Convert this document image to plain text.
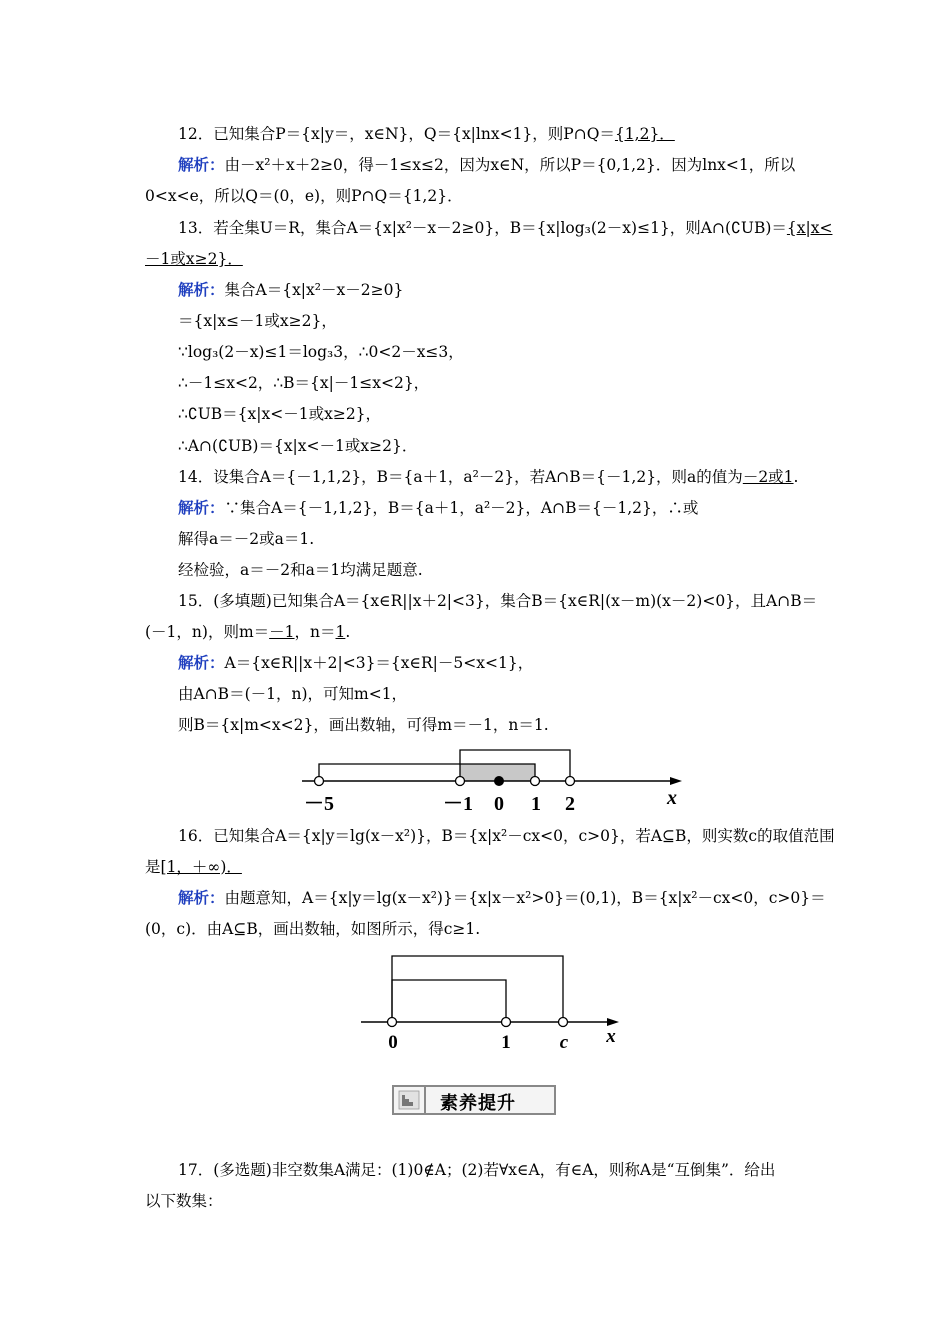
12．已知集合P＝{x|y＝，x∈N}，Q＝{x|lnx<1}，则P∩Q＝{1,2}．
解析：由－x²＋x＋2≥0，得－1≤x≤2，因为x∈N，所以P＝{0,1,2}．因为lnx<1，所以
0<x<e，所以Q＝(0，e)，则P∩Q＝{1,2}．
13．若全集U＝R，集合A＝{x|x²－x－2≥0}，B＝{x|log₃(2－x)≤1}，则A∩(∁UB)＝{x|x<
－1或x≥2}．
解析：集合A＝{x|x²－x－2≥0}
＝{x|x≤－1或x≥2}，
∵log₃(2－x)≤1＝log₃3，∴0<2－x≤3，
∴－1≤x<2，∴B＝{x|－1≤x<2}，
∴∁UB＝{x|x<－1或x≥2}，
∴A∩(∁UB)＝{x|x<－1或x≥2}．
14．设集合A＝{－1,1,2}，B＝{a＋1，a²－2}，若A∩B＝{－1,2}，则a的值为－2或1.
解析：∵集合A＝{－1,1,2}，B＝{a＋1，a²－2}，A∩B＝{－1,2}，∴或
解得a＝－2或a＝1.
经检验，a＝－2和a＝1均满足题意.
15．(多填题)已知集合A＝{x∈R||x＋2|<3}，集合B＝{x∈R|(x－m)(x－2)<0}，且A∩B＝
(－1，n)，则m＝－1，n＝1.
解析：A＝{x∈R||x＋2|<3}＝{x∈R|－5<x<1}，
由A∩B＝(－1，n)，可知m<1，
则B＝{x|m<x<2}，画出数轴，可得m＝－1，n＝1.
－5	－1 0 1 2	x
16．已知集合A＝{x|y＝lg(x－x²)}，B＝{x|x²－cx<0，c>0}，若A⊆B，则实数c的取值范围
是[1，＋∞)．
解析：由题意知，A＝{x|y＝lg(x－x²)}＝{x|x－x²>0}＝(0,1)，B＝{x|x²－cx<0，c>0}＝
(0，c)．由A⊆B，画出数轴，如图所示，得c≥1.
0	1	c x
素养提升
17．(多选题)非空数集A满足：(1)0∉A；(2)若∀x∈A，有∈A，则称A是“互倒集”．给出
以下数集：
